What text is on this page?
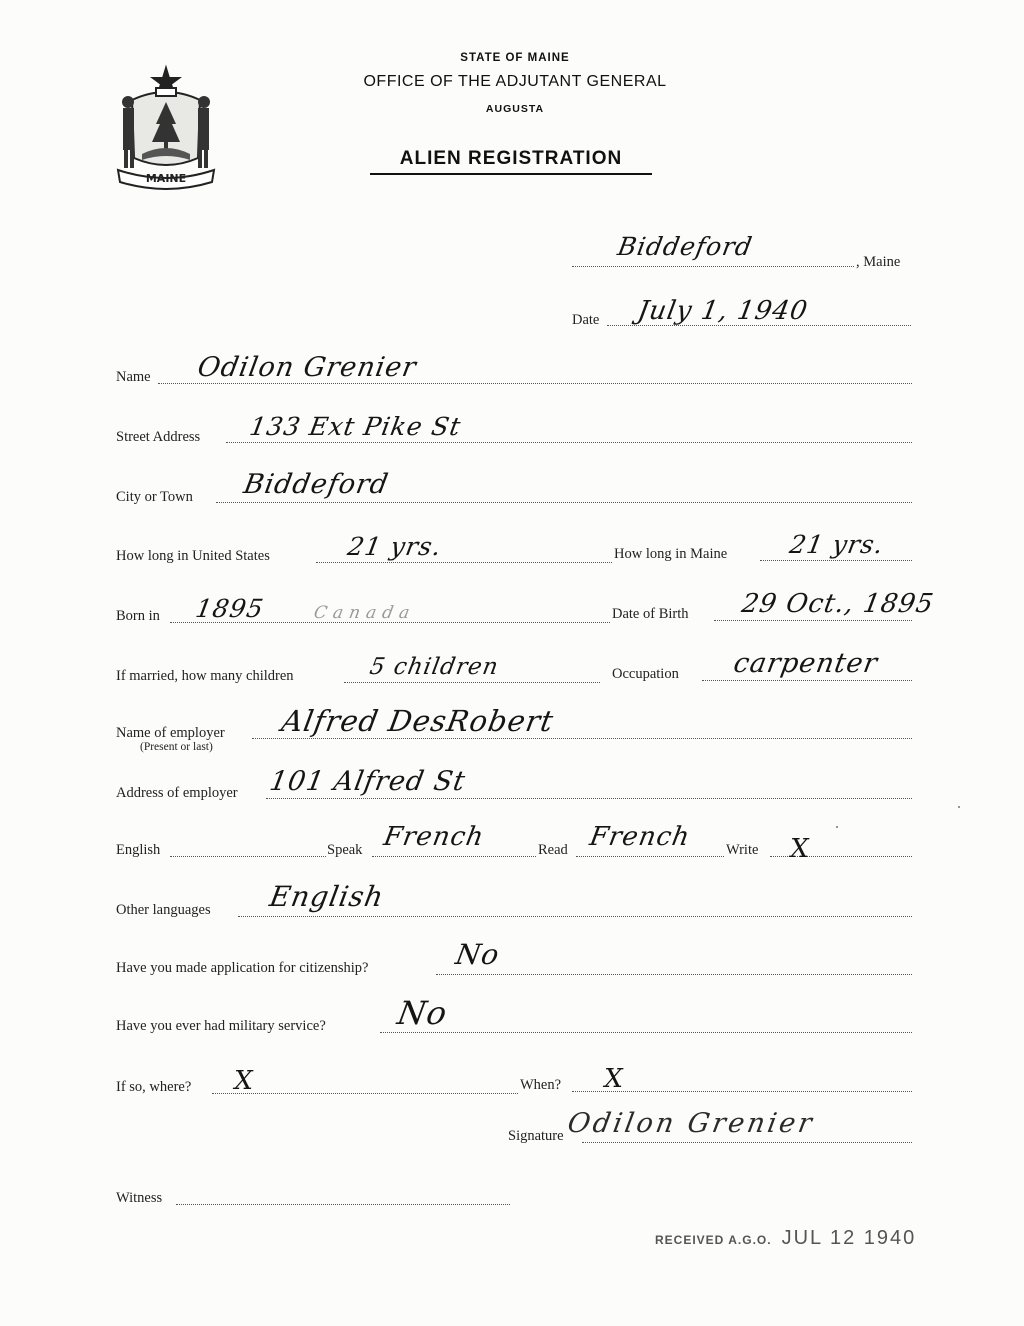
MAINE
STATE OF MAINE
OFFICE OF THE ADJUTANT GENERAL
AUGUSTA
ALIEN REGISTRATION
Biddeford
, Maine
Date July 1, 1940
Name Odilon Grenier
Street Address 133 Ext Pike St
City or Town Biddeford
How long in United States	21 yrs.	How long in Maine 21 yrs.
Born in 1895	Canada	Date of Birth 29 Oct., 1895
If married, how many children	5 children	Occupation carpenter
Name of employer
(Present or last)
Alfred DesRobert
Address of employer 101 Alfred St
English	Speak French	Read French Write X
Other languages English
Have you made application for citizenship?	No
Have you ever had military service? No
If so, where? X	When? X
Signature Odilon Grenier
Witness
RECEIVED A.G.O. JUL 12 1940
